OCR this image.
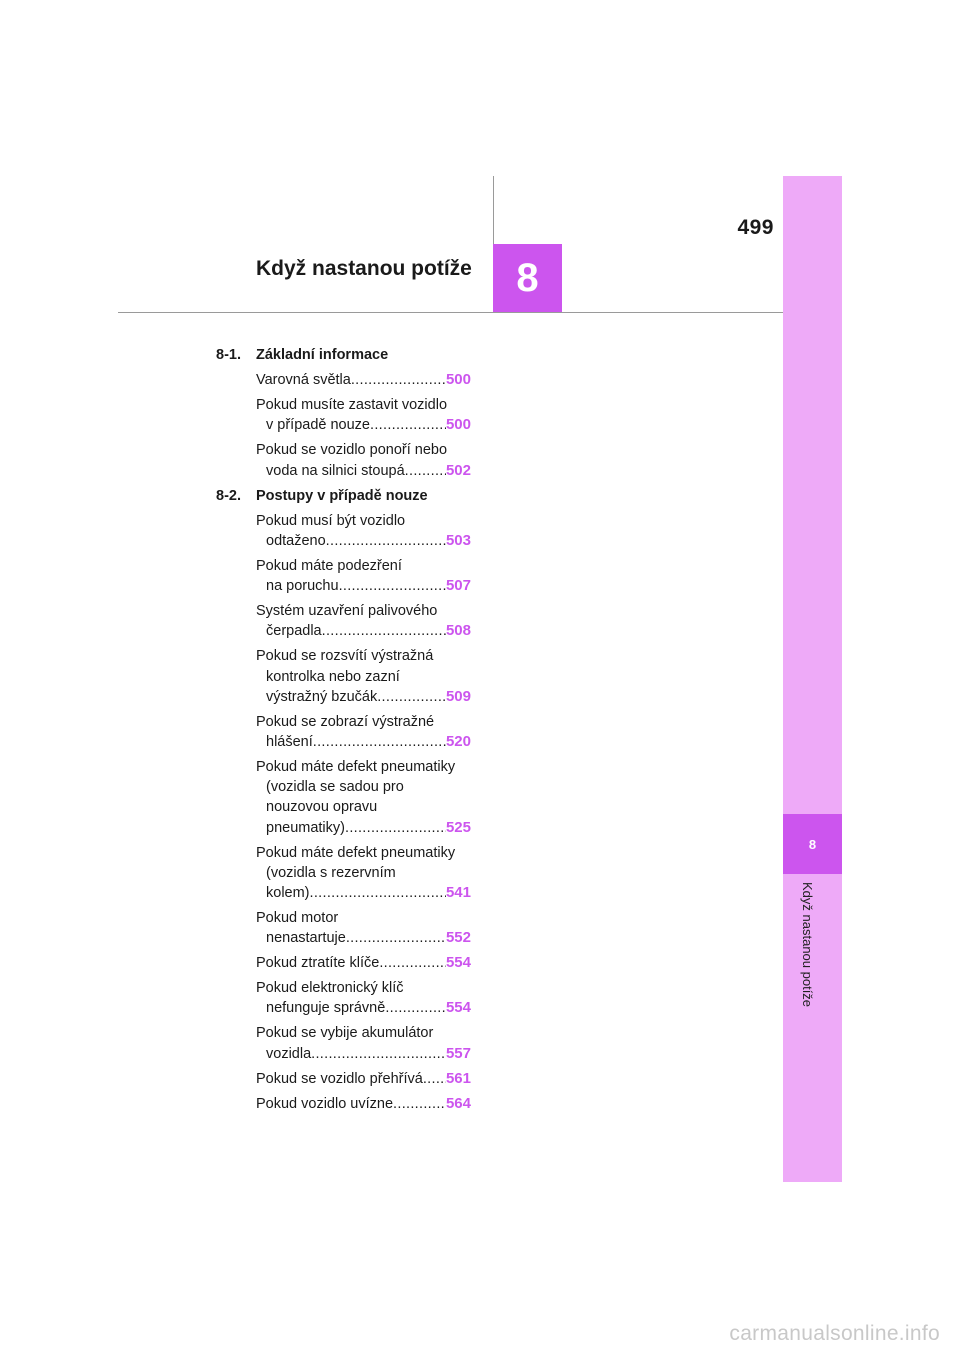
499
Když nastanou potíže	8
8
Když nastanou potíže
8-1.	Základní informace
Varovná světla .....	500
Pokud musíte zastavit vozidlo
v případě nouze .....	500
Pokud se vozidlo ponoří nebo
voda na silnici stoupá .....	502
8-2.	Postupy v případě nouze
Pokud musí být vozidlo
odtaženo .....	503
Pokud máte podezření
na poruchu .....	507
Systém uzavření palivového
čerpadla .....	508
Pokud se rozsvítí výstražná
kontrolka nebo zazní
výstražný bzučák .....	509
Pokud se zobrazí výstražné
hlášení .....	520
Pokud máte defekt pneumatiky
(vozidla se sadou pro
nouzovou opravu
pneumatiky) .....	525
Pokud máte defekt pneumatiky
(vozidla s rezervním
kolem) .....	541
Pokud motor
nenastartuje .....	552
Pokud ztratíte klíče .....	554
Pokud elektronický klíč
nefunguje správně .....	554
Pokud se vybije akumulátor
vozidla .....	557
Pokud se vozidlo přehřívá ..... 561
Pokud vozidlo uvízne .....	564
carmanualsonline.info
